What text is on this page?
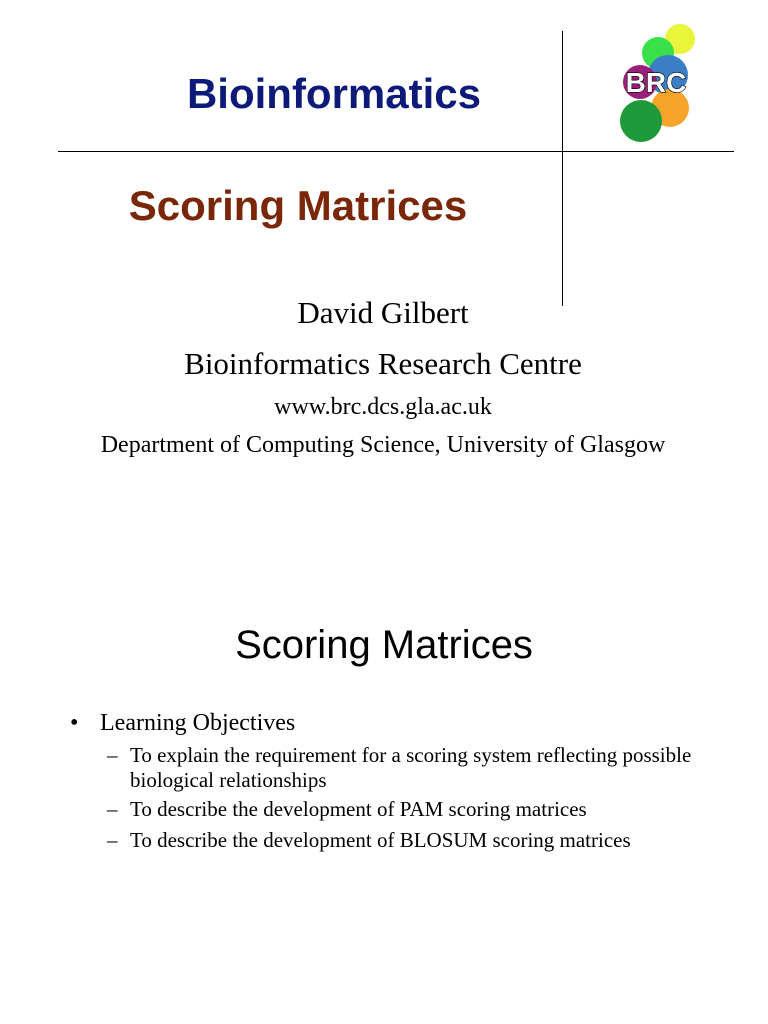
Bioinformatics	BRC
Scoring Matrices
David Gilbert
Bioinformatics Research Centre
www.brc.dcs.gla.ac.uk
Department of Computing Science, University of Glasgow
Scoring Matrices
• Learning Objectives
– To explain the requirement for a scoring system reflecting possible biological relationships
– To describe the development of PAM scoring matrices
– To describe the development of BLOSUM scoring matrices
